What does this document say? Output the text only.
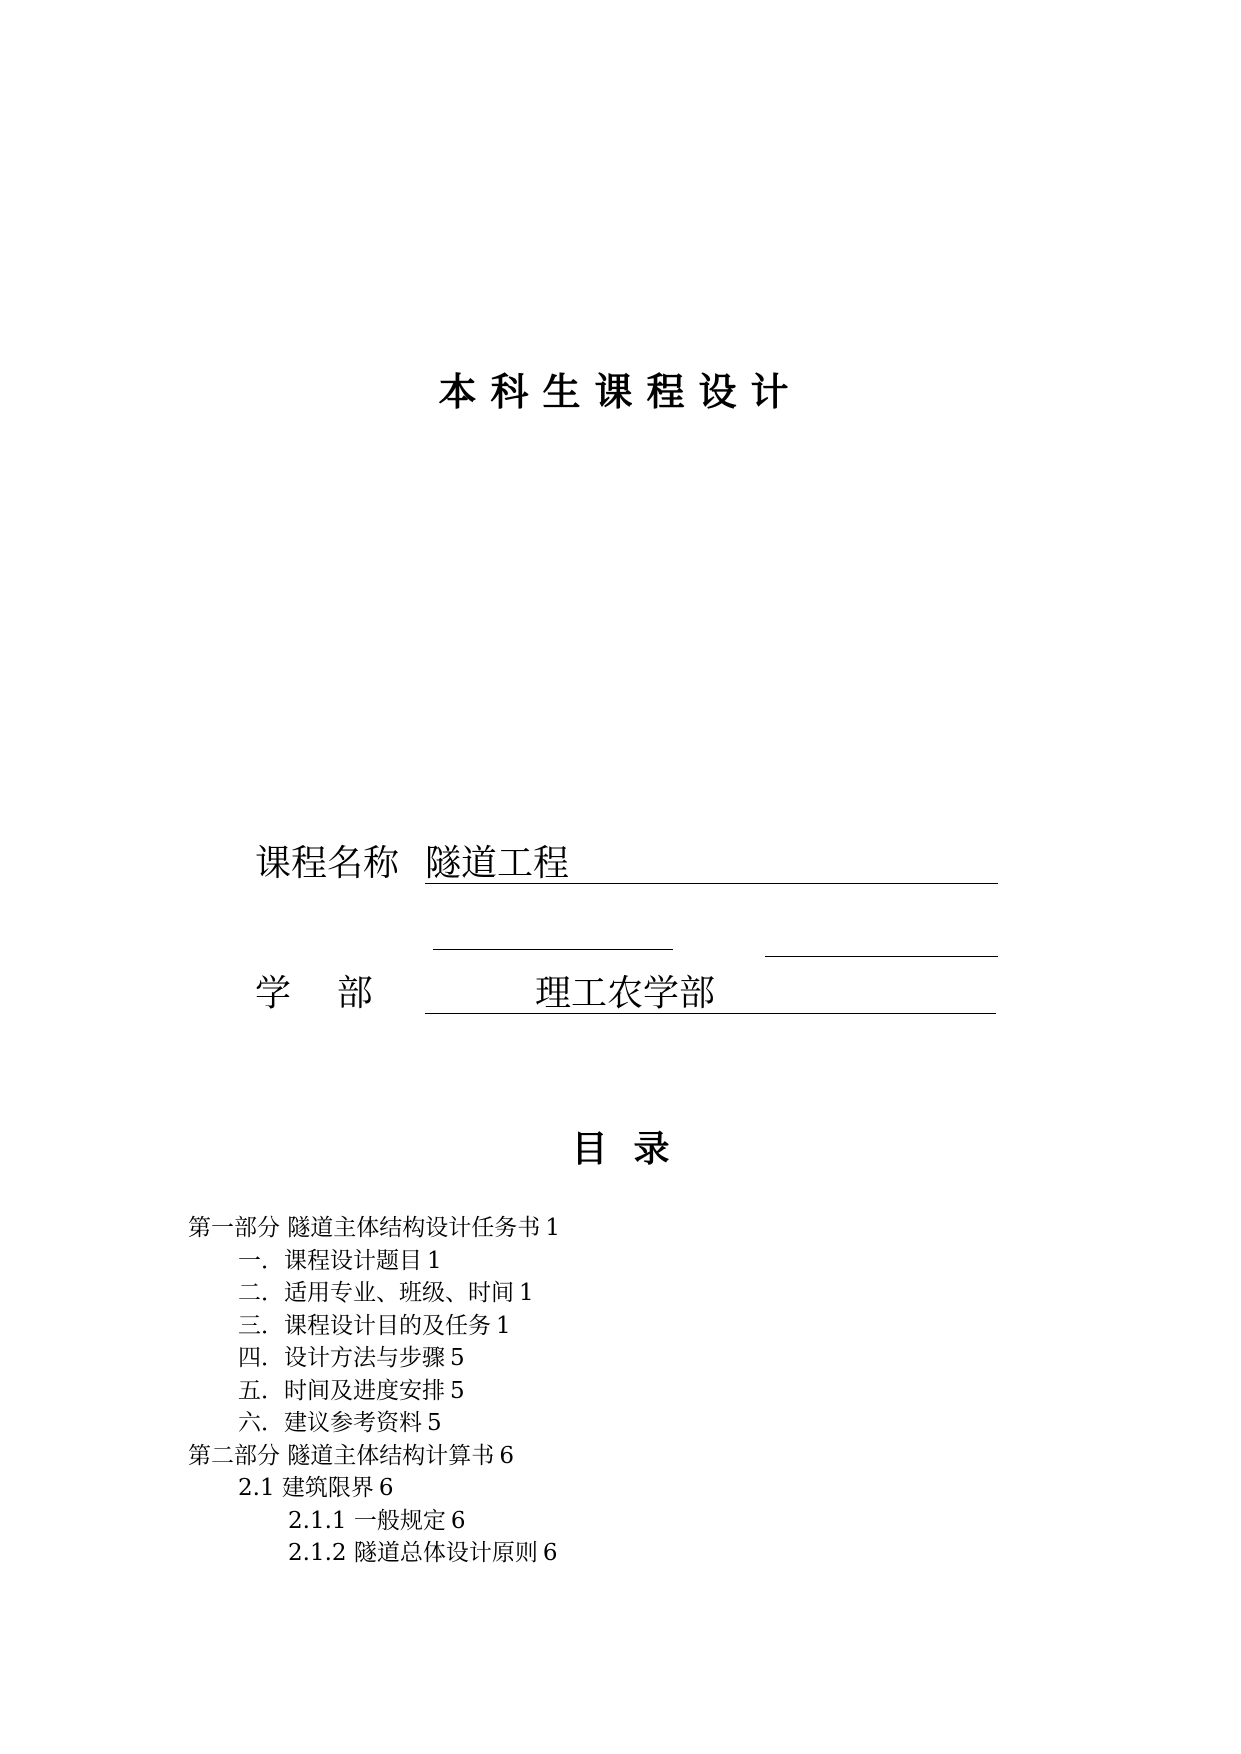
本科生课程设计
课程名称 隧道工程
学    部	理工农学部
目录
第一部分 隧道主体结构设计任务书 1
一．课程设计题目 1
二．适用专业、班级、时间 1
三．课程设计目的及任务 1
四．设计方法与步骤 5
五．时间及进度安排 5
六．建议参考资料 5
第二部分 隧道主体结构计算书 6
2.1 建筑限界 6
2.1.1 一般规定 6
2.1.2 隧道总体设计原则 6
